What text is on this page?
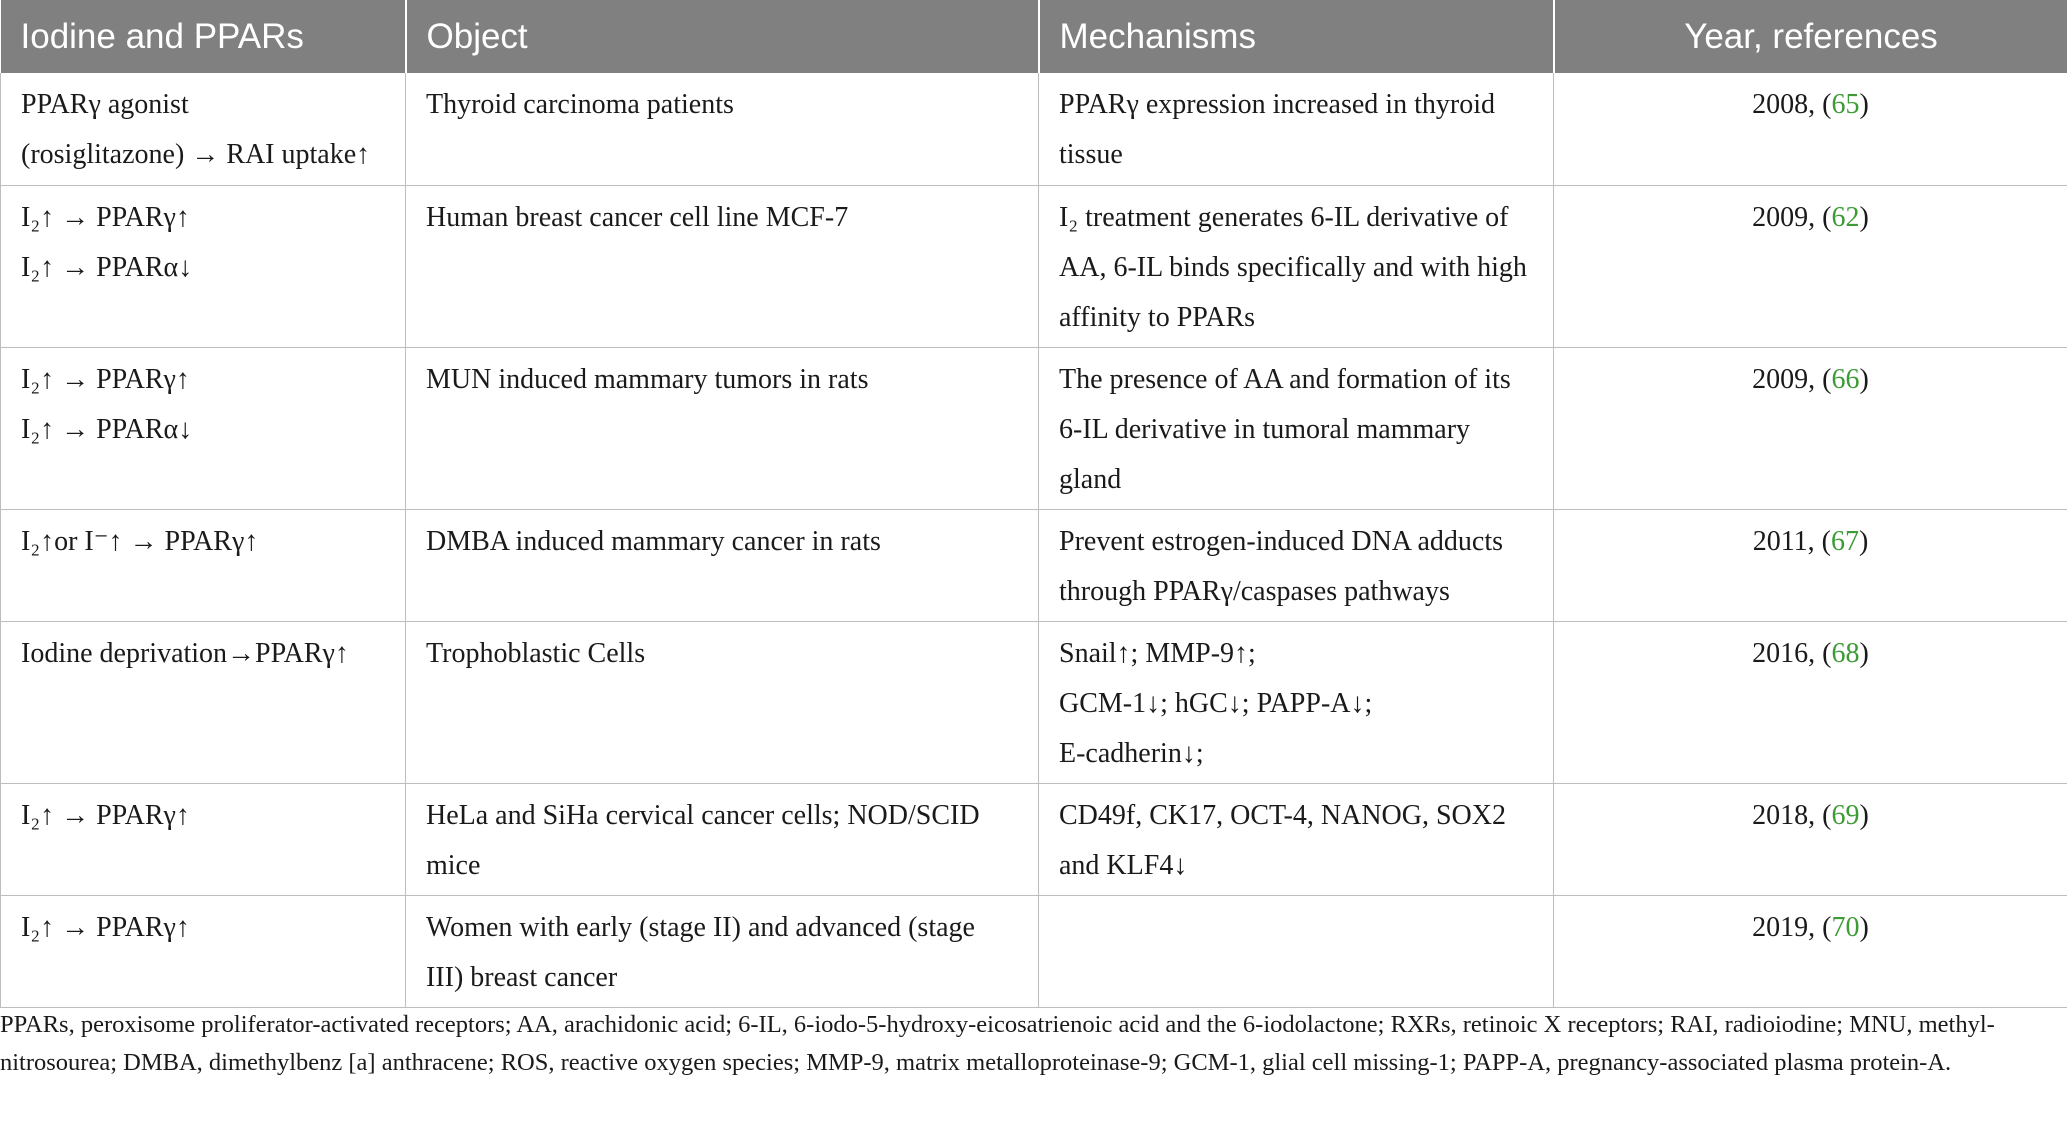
Iodine and PPARs	Object	Mechanisms	Year, references

PPARγ agonist
(rosiglitazone) → RAI uptake↑	Thyroid carcinoma patients	PPARγ expression increased in thyroid tissue	2008, (65)

I₂↑ → PPARγ↑
I₂↑ → PPARα↓	Human breast cancer cell line MCF-7	I₂ treatment generates 6-IL derivative of AA, 6-IL binds specifically and with high affinity to PPARs	2009, (62)

I₂↑ → PPARγ↑
I₂↑ → PPARα↓	MUN induced mammary tumors in rats	The presence of AA and formation of its 6-IL derivative in tumoral mammary gland	2009, (66)

I₂↑or I⁻↑ → PPARγ↑	DMBA induced mammary cancer in rats	Prevent estrogen-induced DNA adducts through PPARγ/caspases pathways	2011, (67)

Iodine deprivation→PPARγ↑	Trophoblastic Cells	Snail↑; MMP-9↑;
GCM-1↓; hGC↓; PAPP-A↓;
E-cadherin↓;	2016, (68)

I₂↑ → PPARγ↑	HeLa and SiHa cervical cancer cells; NOD/SCID mice	CD49f, CK17, OCT-4, NANOG, SOX2 and KLF4↓	2018, (69)

I₂↑ → PPARγ↑	Women with early (stage II) and advanced (stage III) breast cancer		2019, (70)
PPARs, peroxisome proliferator-activated receptors; AA, arachidonic acid; 6-IL, 6-iodo-5-hydroxy-eicosatrienoic acid and the 6-iodolactone; RXRs, retinoic X receptors; RAI, radioiodine; MNU, methyl-nitrosourea; DMBA, dimethylbenz [a] anthracene; ROS, reactive oxygen species; MMP-9, matrix metalloproteinase-9; GCM-1, glial cell missing-1; PAPP-A, pregnancy-associated plasma protein-A.
